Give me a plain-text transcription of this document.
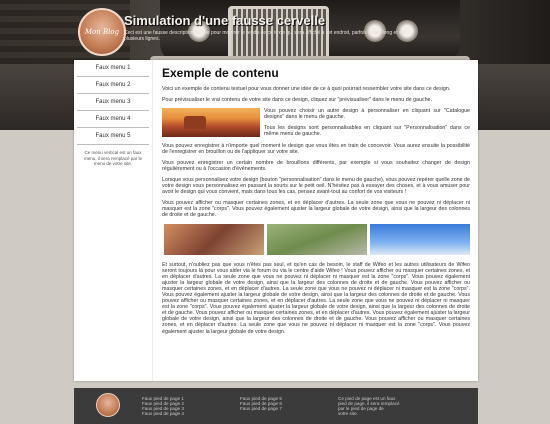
Mon Blog
Simulation d'une fausse cervelle
Ceci est une fausse description du site pour montrer le rendu de ce texte qui sera affiché à cet endroit, parfois assez long et sur plusieurs lignes.
Faux menu 1
Faux menu 2
Faux menu 3
Faux menu 4
Faux menu 5
Ce menu vertical est un faux menu, il sera remplacé par le menu de votre site.
Exemple de contenu

Voici un exemple de contenu textuel pour vous donner une idée de ce à quoi pourrait ressembler votre site dans ce design.

Pour prévisualiser le vrai contenu de votre site dans ce design, cliquez sur "prévisualiser" dans le menu de gauche.

Vous pouvez choisir un autre design à personnaliser en cliquant sur "Catalogue designs" dans le menu de gauche.

Tous les designs sont personnalisables en cliquant sur "Personnalisation" dans ce même menu de gauche.

Vous pouvez enregistrer à n'importe quel moment le design que vous êtes en train de concevoir. Vous aurez ensuite la possibilité de l'enregistrer en brouillon ou de l'appliquer sur votre site.

Vous pouvez enregistrer un certain nombre de brouillons différents, par exemple si vous souhaitez changer de design régulièrement ou à l'occasion d'événements.

Lorsque vous personnalisez votre design (bouton "personnalisation" dans le menu de gauche), vous pouvez repérer quelle zone de votre design vous personnalisez en passant la souris sur le petit oeil. N'hésitez pas à essayer des choses, et à vous amuser pour avoir le design qui vous convient, mais dans tous les cas, pensez avant-tout au confort de vos visiteurs !

Vous pouvez afficher ou masquer certaines zones, et en déplacer d'autres. La seule zone que vous ne pouvez ni déplacer ni masquer est la zone "corps". Vous pouvez également ajuster la largeur globale de votre design, ainsi que la largeur des colonnes de droite et de gauche.

Et surtout, n'oubliez pas que vous n'êtes pas seul, et qu'en cas de besoin, le staff de Wifeo et les autres utilisateurs de Wifeo seront toujours là pour vous aider via le forum ou via le centre d'aide Wifeo ! Vous pouvez afficher ou masquer certaines zones, et en déplacer d'autres. La seule zone que vous ne pouvez ni déplacer ni masquer est la zone "corps". Vous pouvez également ajuster la largeur globale de votre design, ainsi que la largeur des colonnes de droite et de gauche. Vous pouvez afficher ou masquer certaines zones, et en déplacer d'autres. La seule zone que vous ne pouvez ni déplacer ni masquer est la zone "corps". Vous pouvez également ajuster la largeur globale de votre design, ainsi que la largeur des colonnes de droite et de gauche. Vous pouvez afficher ou masquer certaines zones, et en déplacer d'autres. La seule zone que vous ne pouvez ni déplacer ni masquer est la zone "corps". Vous pouvez également ajuster la largeur globale de votre design, ainsi que la largeur des colonnes de droite et de gauche. Vous pouvez afficher ou masquer certaines zones, et en déplacer d'autres. Vous pouvez également ajuster la largeur globale de votre design, ainsi que la largeur des colonnes de droite et de gauche. Vous pouvez afficher ou masquer certaines zones, et en déplacer d'autres. La seule zone que vous ne pouvez ni déplacer ni masquer est la zone "corps". Vous pouvez également ajuster la largeur globale de votre design.

Faux pied de page 1
Faux pied de page 2
Faux pied de page 3
Faux pied de page 4
Faux pied de page 5
Faux pied de page 6
Faux pied de page 7
Ce pied de page est un faux
pied de page, il sera remplacé
par le pied de page de
votre site.
